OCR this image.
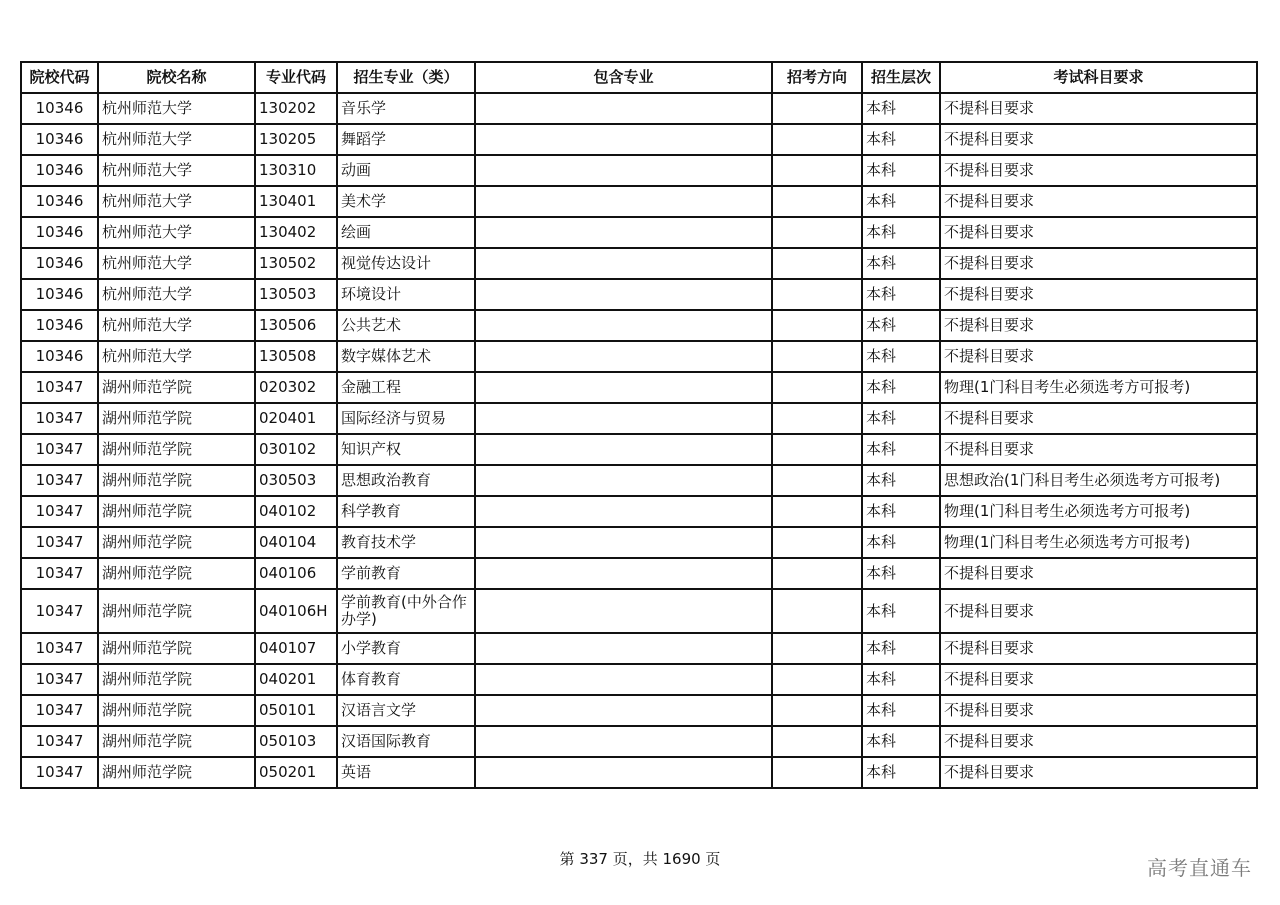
院校代码	院校名称	专业代码	招生专业（类）	包含专业	招考方向	招生层次	考试科目要求
10346	杭州师范大学	130202	音乐学			本科	不提科目要求
10346	杭州师范大学	130205	舞蹈学			本科	不提科目要求
10346	杭州师范大学	130310	动画			本科	不提科目要求
10346	杭州师范大学	130401	美术学			本科	不提科目要求
10346	杭州师范大学	130402	绘画			本科	不提科目要求
10346	杭州师范大学	130502	视觉传达设计			本科	不提科目要求
10346	杭州师范大学	130503	环境设计			本科	不提科目要求
10346	杭州师范大学	130506	公共艺术			本科	不提科目要求
10346	杭州师范大学	130508	数字媒体艺术			本科	不提科目要求
10347	湖州师范学院	020302	金融工程			本科	物理(1门科目考生必须选考方可报考)
10347	湖州师范学院	020401	国际经济与贸易			本科	不提科目要求
10347	湖州师范学院	030102	知识产权			本科	不提科目要求
10347	湖州师范学院	030503	思想政治教育			本科	思想政治(1门科目考生必须选考方可报考)
10347	湖州师范学院	040102	科学教育			本科	物理(1门科目考生必须选考方可报考)
10347	湖州师范学院	040104	教育技术学			本科	物理(1门科目考生必须选考方可报考)
10347	湖州师范学院	040106	学前教育			本科	不提科目要求
10347	湖州师范学院	040106H	学前教育(中外合作办学)			本科	不提科目要求
10347	湖州师范学院	040107	小学教育			本科	不提科目要求
10347	湖州师范学院	040201	体育教育			本科	不提科目要求
10347	湖州师范学院	050101	汉语言文学			本科	不提科目要求
10347	湖州师范学院	050103	汉语国际教育			本科	不提科目要求
10347	湖州师范学院	050201	英语			本科	不提科目要求
第 337 页，共 1690 页	高考直通车
